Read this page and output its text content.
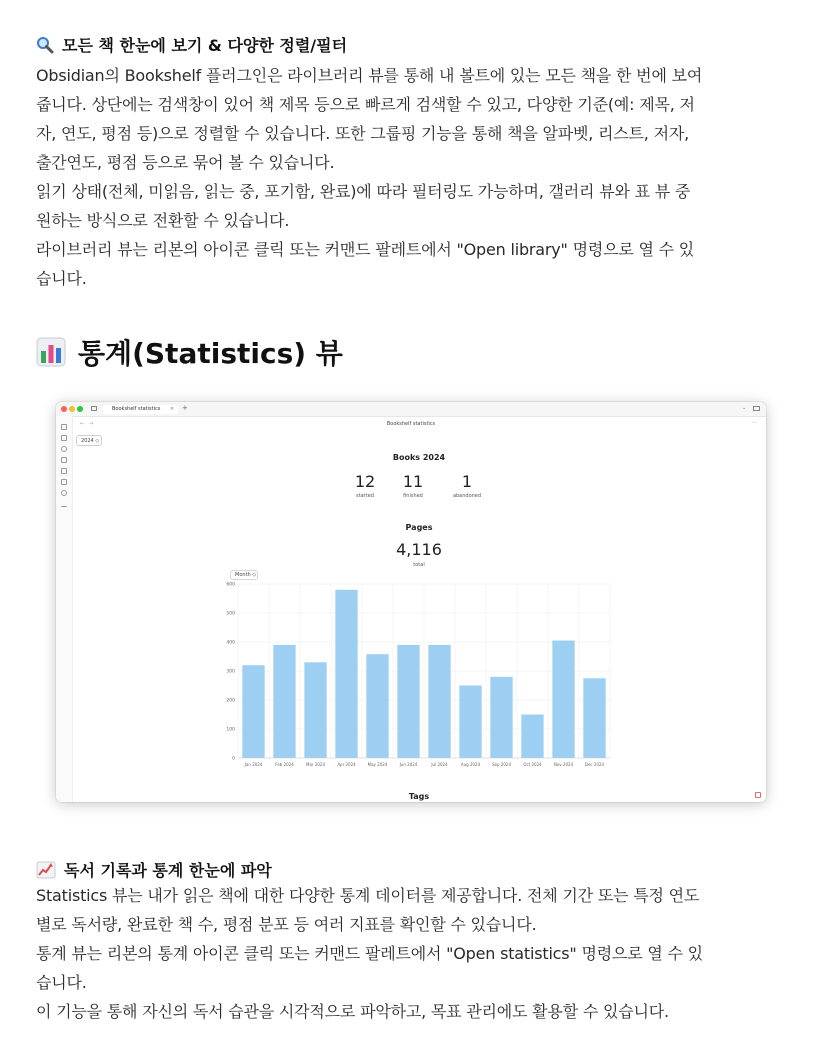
모든 책 한눈에 보기 & 다양한 정렬/필터
Obsidian의 Bookshelf 플러그인은 라이브러리 뷰를 통해 내 볼트에 있는 모든 책을 한 번에 보여
줍니다. 상단에는 검색창이 있어 책 제목 등으로 빠르게 검색할 수 있고, 다양한 기준(예: 제목, 저
자, 연도, 평점 등)으로 정렬할 수 있습니다. 또한 그룹핑 기능을 통해 책을 알파벳, 리스트, 저자,
출간연도, 평점 등으로 묶어 볼 수 있습니다.
읽기 상태(전체, 미읽음, 읽는 중, 포기함, 완료)에 따라 필터링도 가능하며, 갤러리 뷰와 표 뷰 중
원하는 방식으로 전환할 수 있습니다.
라이브러리 뷰는 리본의 아이콘 클릭 또는 커맨드 팔레트에서 "Open library" 명령으로 열 수 있
습니다.
통계(Statistics) 뷰
Bookshelf statistics × +	⌄
← →	Bookshelf statistics	···
2024 ◇
Books 2024
12
started
11
finished
1
abandoned
Pages
4,116
total
Month ◇
0
100
200
300
400
500
600
Jan 2024	Feb 2024	Mar 2024	Apr 2024	May 2024	Jun 2024	Jul 2024	Aug 2024	Sep 2024	Oct 2024	Nov 2024	Dec 2024
Tags
독서 기록과 통계 한눈에 파악
Statistics 뷰는 내가 읽은 책에 대한 다양한 통계 데이터를 제공합니다. 전체 기간 또는 특정 연도
별로 독서량, 완료한 책 수, 평점 분포 등 여러 지표를 확인할 수 있습니다.
통계 뷰는 리본의 통계 아이콘 클릭 또는 커맨드 팔레트에서 "Open statistics" 명령으로 열 수 있
습니다.
이 기능을 통해 자신의 독서 습관을 시각적으로 파악하고, 목표 관리에도 활용할 수 있습니다.
